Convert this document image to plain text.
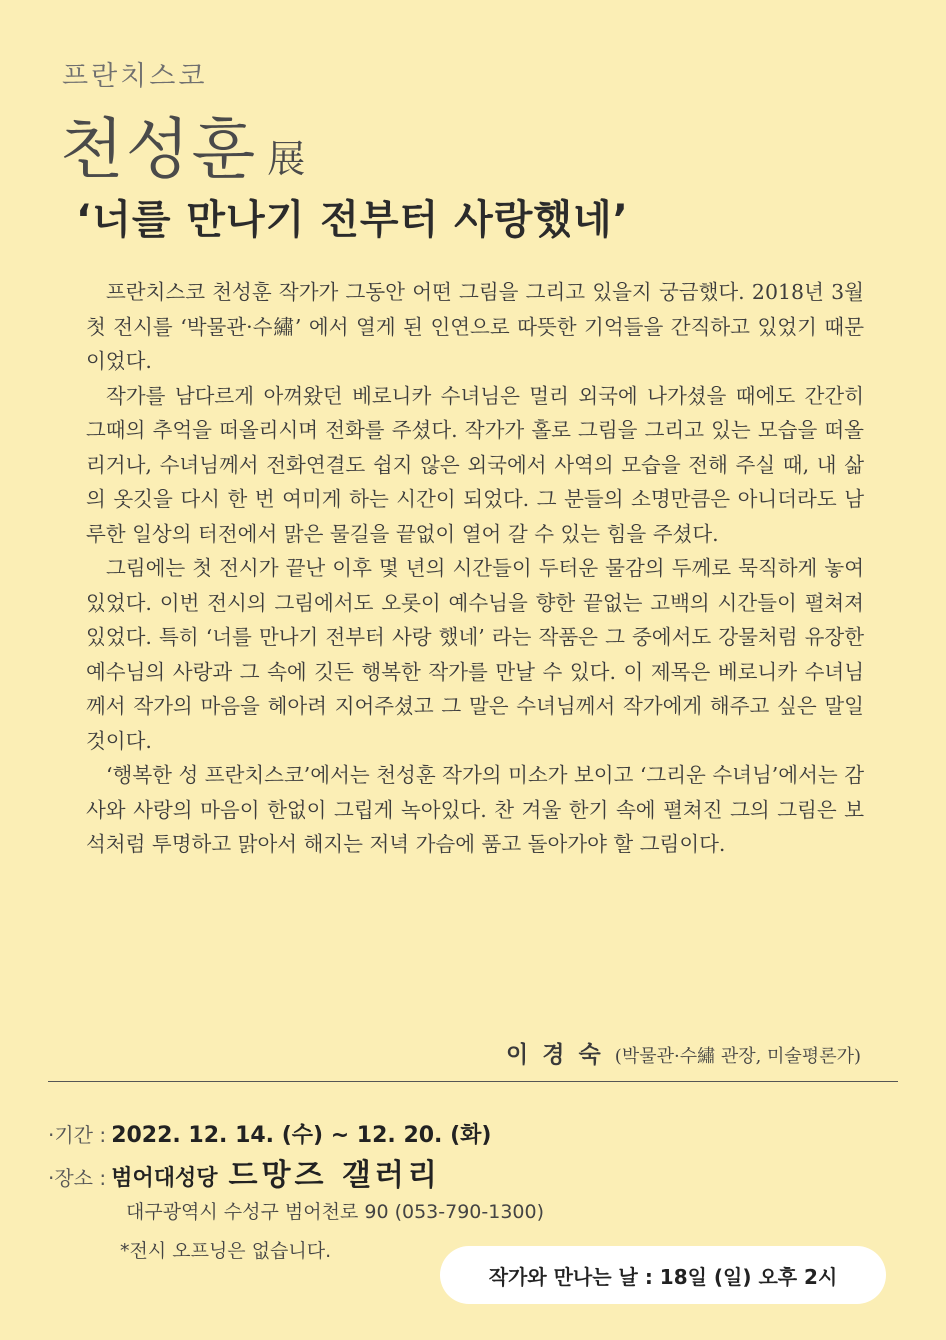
프란치스코
천성훈 展
‘너를 만나기 전부터 사랑했네’

프란치스코 천성훈 작가가 그동안 어떤 그림을 그리고 있을지 궁금했다. 2018년 3월 첫 전시를 ‘박물관·수繡’ 에서 열게 된 인연으로 따뜻한 기억들을 간직하고 있었기 때문이었다.

작가를 남다르게 아껴왔던 베로니카 수녀님은 멀리 외국에 나가셨을 때에도 간간히 그때의 추억을 떠올리시며 전화를 주셨다. 작가가 홀로 그림을 그리고 있는 모습을 떠올리거나, 수녀님께서 전화연결도 쉽지 않은 외국에서 사역의 모습을 전해 주실 때, 내 삶의 옷깃을 다시 한 번 여미게 하는 시간이 되었다. 그 분들의 소명만큼은 아니더라도 남루한 일상의 터전에서 맑은 물길을 끝없이 열어 갈 수 있는 힘을 주셨다.

그림에는 첫 전시가 끝난 이후 몇 년의 시간들이 두터운 물감의 두께로 묵직하게 놓여 있었다. 이번 전시의 그림에서도 오롯이 예수님을 향한 끝없는 고백의 시간들이 펼쳐져 있었다. 특히 ‘너를 만나기 전부터 사랑 했네’ 라는 작품은 그 중에서도 강물처럼 유장한 예수님의 사랑과 그 속에 깃든 행복한 작가를 만날 수 있다. 이 제목은 베로니카 수녀님께서 작가의 마음을 헤아려 지어주셨고 그 말은 수녀님께서 작가에게 해주고 싶은 말일 것이다.

‘행복한 성 프란치스코’에서는 천성훈 작가의 미소가 보이고 ‘그리운 수녀님’에서는 감사와 사랑의 마음이 한없이 그립게 녹아있다. 찬 겨울 한기 속에 펼쳐진 그의 그림은 보석처럼 투명하고 맑아서 해지는 저녁 가슴에 품고 돌아가야 할 그림이다.

이 경 숙 (박물관·수繡 관장, 미술평론가)
·기간 : 2022. 12. 14. (수) ~ 12. 20. (화)
·장소 : 범어대성당 드망즈 갤러리
대구광역시 수성구 범어천로 90 (053-790-1300)
*전시 오프닝은 없습니다.
작가와 만나는 날 : 18일 (일) 오후 2시
